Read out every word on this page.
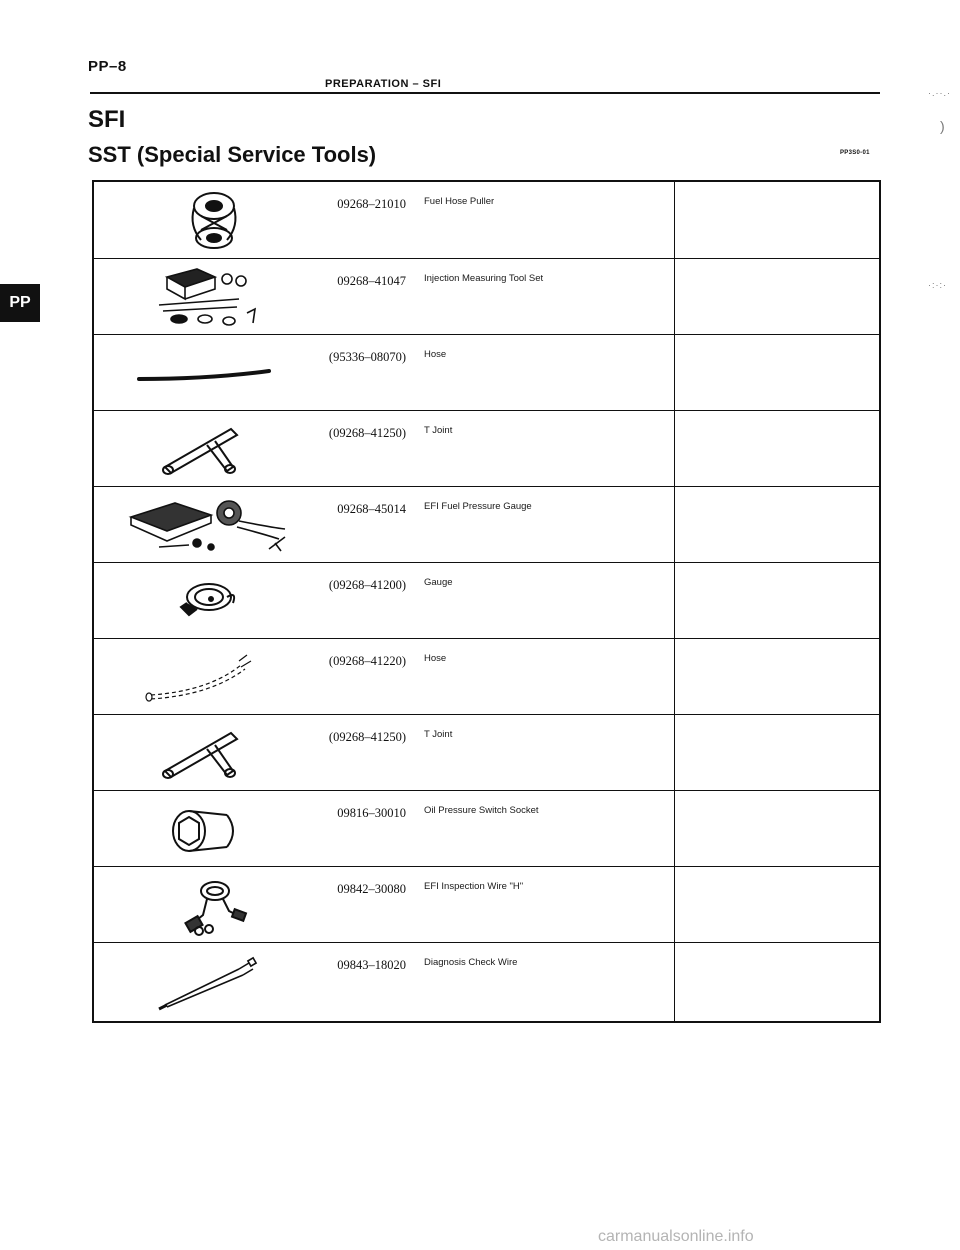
PP–8
PREPARATION – SFI
SFI
SST (Special Service Tools)	PP3S0-01
PP
·.··.·
)
·:·:·
09268–21010 Fuel Hose Puller
09268–41047 Injection Measuring Tool Set
(95336–08070) Hose
(09268–41250) T Joint
09268–45014 EFI Fuel Pressure Gauge
(09268–41200) Gauge
(09268–41220) Hose
(09268–41250) T Joint
09816–30010 Oil Pressure Switch Socket
09842–30080 EFI Inspection Wire "H"
09843–18020 Diagnosis Check Wire
carmanualsonline.info
